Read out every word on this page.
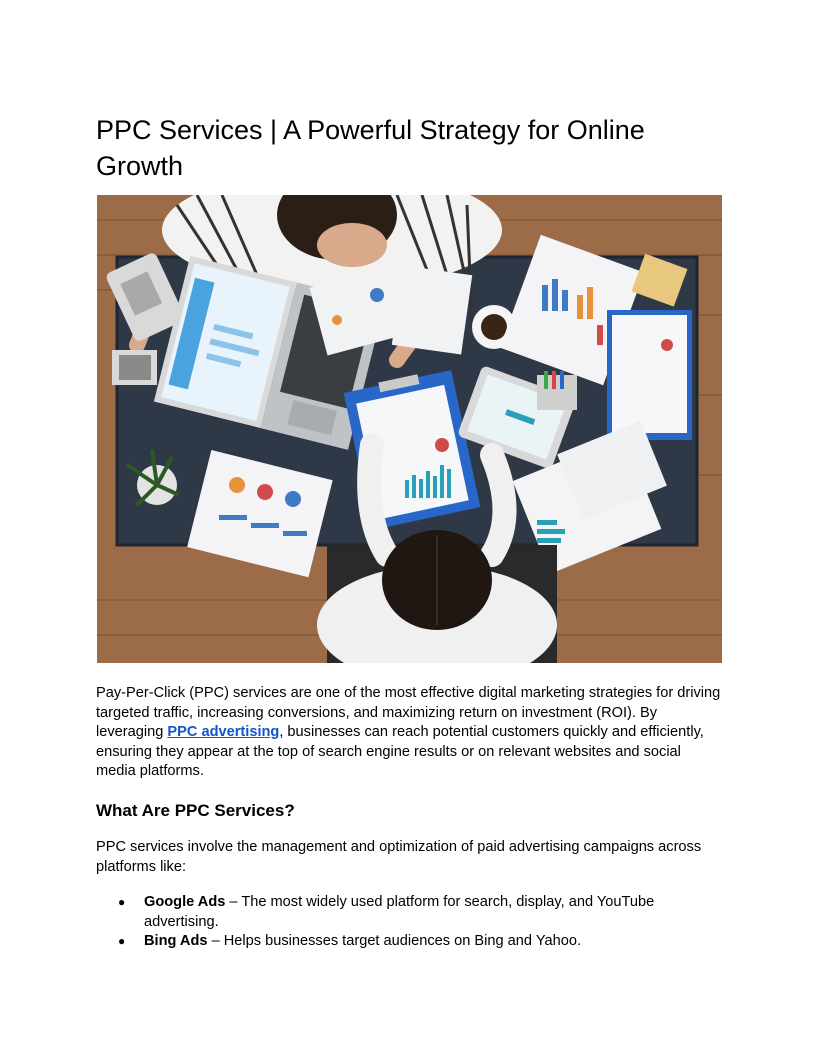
PPC Services | A Powerful Strategy for Online Growth

Pay-Per-Click (PPC) services are one of the most effective digital marketing strategies for driving targeted traffic, increasing conversions, and maximizing return on investment (ROI). By leveraging PPC advertising, businesses can reach potential customers quickly and efficiently, ensuring they appear at the top of search engine results or on relevant websites and social media platforms.

What Are PPC Services?

PPC services involve the management and optimization of paid advertising campaigns across platforms like:

● Google Ads – The most widely used platform for search, display, and YouTube advertising.
● Bing Ads – Helps businesses target audiences on Bing and Yahoo.
